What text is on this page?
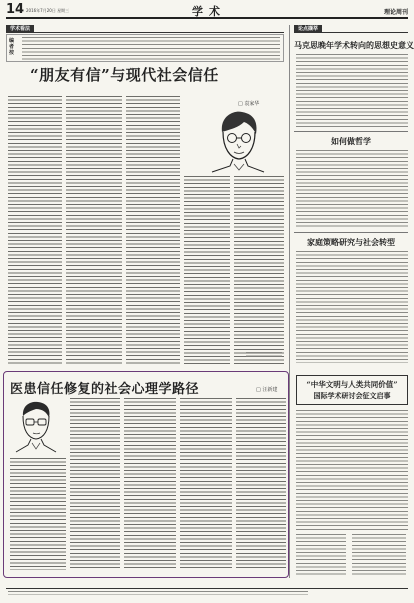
14 2016年7月20日 星期三	学术	理论周刊
学术看法	论点撷萃
编者按
“朋友有信”与现代社会信任
□ 袁家华
医患信任修复的社会心理学路径	□ 汪新建
马克思晚年学术转向的思想史意义
如何做哲学
家庭策略研究与社会转型
“中华文明与人类共同价值”
国际学术研讨会征文启事
